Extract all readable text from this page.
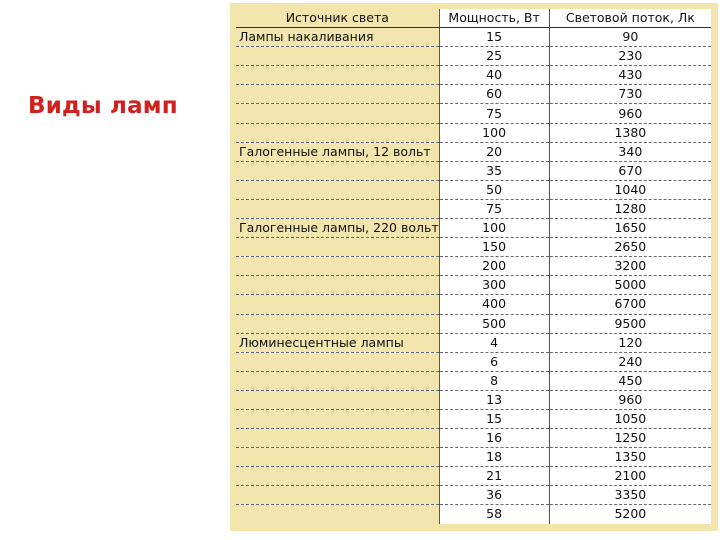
Виды ламп
Источник света	Мощность, Вт	Световой поток, Лк
Лампы накаливания	15	90
	25	230
	40	430
	60	730
	75	960
	100	1380
Галогенные лампы, 12 вольт	20	340
	35	670
	50	1040
	75	1280
Галогенные лампы, 220 вольт	100	1650
	150	2650
	200	3200
	300	5000
	400	6700
	500	9500
Люминесцентные лампы	4	120
	6	240
	8	450
	13	960
	15	1050
	16	1250
	18	1350
	21	2100
	36	3350
	58	5200
